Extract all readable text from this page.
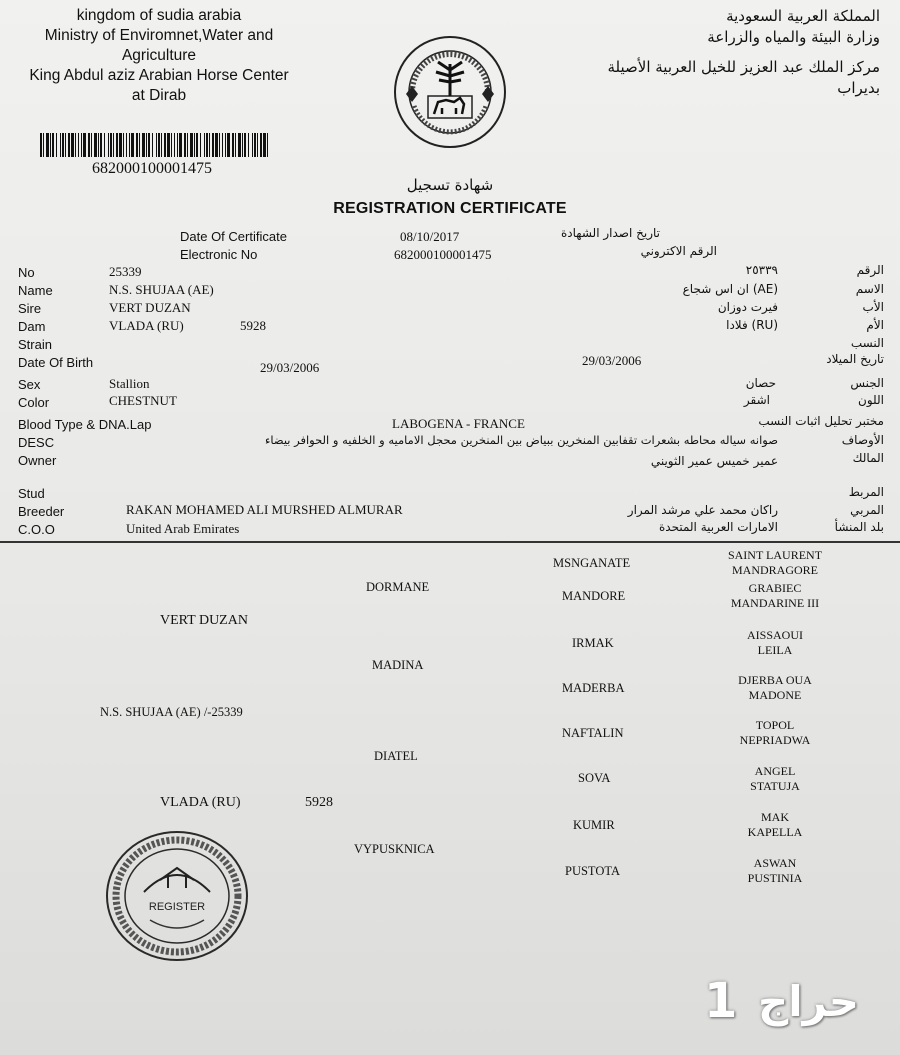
kingdom of sudia arabia
Ministry of Enviromnet,Water and
Agriculture
King Abdul aziz Arabian Horse Center
at Dirab
المملكة العربية السعودية
وزارة البيئة والمياه والزراعة
مركز الملك عبد العزيز للخيل العربية الأصيلة
بديراب
682000100001475
شهادة تسجيل
REGISTRATION CERTIFICATE
Date Of Certificate	08/10/2017	تاريخ اصدار الشهادة
Electronic No	682000100001475	الرقم الاكتروني
No	25339	٢٥٣٣٩	الرقم
Name	N.S. SHUJAA (AE)	(AE) ان اس شجاع	الاسم
Sire	VERT DUZAN	فيرت دوزان	الأب
Dam	VLADA (RU)	5928	(RU) فلادا	الأم
Strain	النسب
Date Of Birth	29/03/2006	29/03/2006	تاريخ الميلاد
Sex	Stallion	حصان	الجنس
Color	CHESTNUT	اشقر	اللون
Blood Type & DNA.Lap	LABOGENA - FRANCE	مختبر تحليل اثبات النسب
DESC	صوانه سياله محاطه بشعرات تقفابين المنخرين ببياض بين المنخرين محجل الاماميه و الخلفيه و الحوافر بيضاء	الأوصاف
Owner	عمير خميس عمير الثويني	المالك
Stud	المربط
Breeder	RAKAN MOHAMED ALI MURSHED ALMURAR	راكان محمد علي مرشد المرار	المربي
C.O.O	United Arab Emirates	الامارات العربية المتحدة	بلد المنشأ
VERT DUZAN
N.S. SHUJAA (AE) /-25339
VLADA (RU)	5928
DORMANE
MADINA
DIATEL
VYPUSKNICA
MSNGANATE
MANDORE
IRMAK
MADERBA
NAFTALIN
SOVA
KUMIR
PUSTOTA
SAINT LAURENT
MANDRAGORE
GRABIEC
MANDARINE III
AISSAOUI
LEILA
DJERBA OUA
MADONE
TOPOL
NEPRIADWA
ANGEL
STATUJA
MAK
KAPELLA
ASWAN
PUSTINIA
REGISTER
حراج
1
